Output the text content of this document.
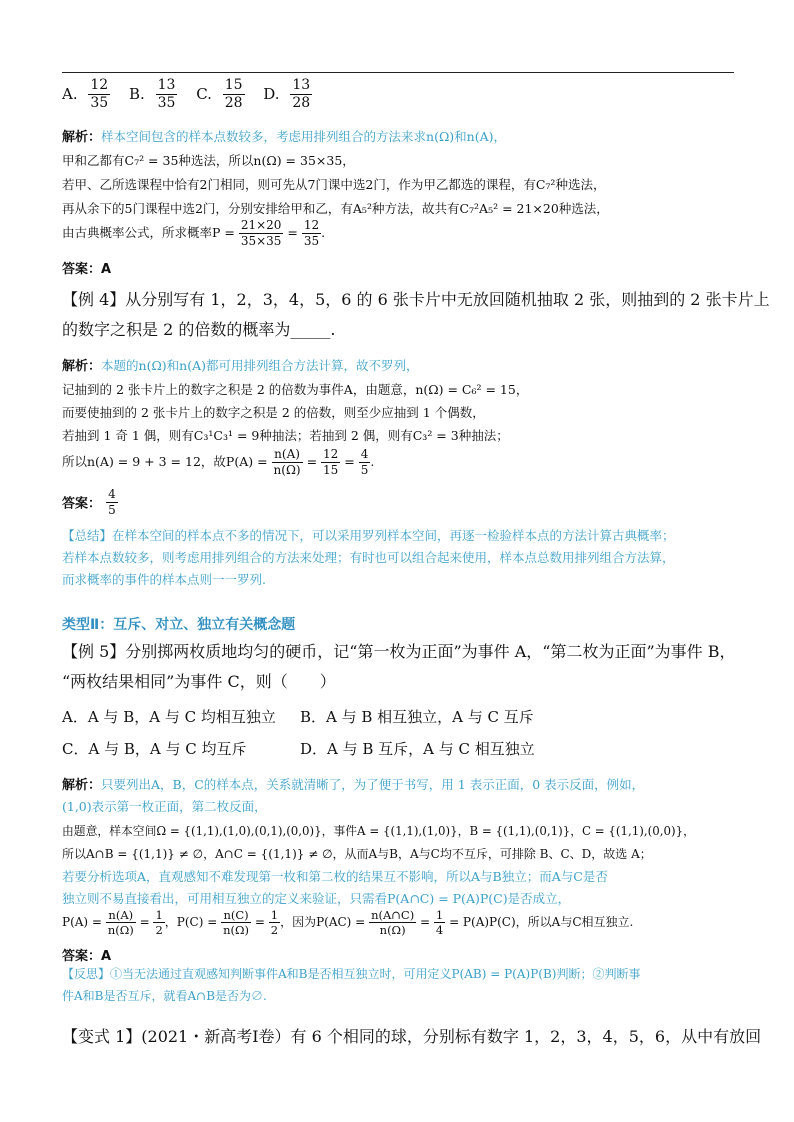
A. $\frac{12}{35} B$. $\frac{13}{35} C$. $\frac{15}{28} D$. $\frac{13}{28}$
解析：样本空间包含的样本点数较多，考虑用排列组合的方法来求n(Ω)和n(A)，
甲和乙都有C₇² = 35种选法，所以n(Ω) = 35×35，
若甲、乙所选课程中恰有2门相同，则可先从7门课中选2门，作为甲乙都选的课程，有C₇²种选法，
再从余下的5门课程中选2门，分别安排给甲和乙，有A₅²种方法，故共有C₇²A₅² = 21×20种选法，
由古典概率公式，所求概率$P = \frac{21\times 20}{35\times 35} = \frac{12}{35}$ .
答案：A
【例 4】从分别写有 1，2，3，4，5，6 的 6 张卡片中无放回随机抽取 2 张，则抽到的 2 张卡片上
的数字之积是 2 的倍数的概率为_____.
解析：本题的n(Ω)和n(A)都可用排列组合方法计算，故不罗列，
记抽到的 2 张卡片上的数字之积是 2 的倍数为事件A，由题意，n(Ω) = C₆² = 15，
而要使抽到的 2 张卡片上的数字之积是 2 的倍数，则至少应抽到 1 个偶数，
若抽到 1 奇 1 偶，则有C₃¹C₃¹ = 9种抽法；若抽到 2 偶，则有C₃² = 3种抽法；
所以n(A) = 9 + 3 = 12，故$P(A) = \frac{n(A)}{n(\Omega)} = \frac{12}{15} = \frac{4}{5}$ .
答案： $\frac{4}{5}$
【总结】在样本空间的样本点不多的情况下，可以采用罗列样本空间，再逐一检验样本点的方法计算古典概率；
若样本点数较多，则考虑用排列组合的方法来处理；有时也可以组合起来使用，样本点总数用排列组合方法算，
而求概率的事件的样本点则一一罗列.
类型Ⅱ：互斥、对立、独立有关概念题
【例 5】分别掷两枚质地均匀的硬币，记“第一枚为正面”为事件 A，“第二枚为正面”为事件 B，
“两枚结果相同”为事件 C，则（　　）
A．A 与 B，A 与 C 均相互独立 B．A 与 B 相互独立，A 与 C 互斥
C．A 与 B，A 与 C 均互斥	D．A 与 B 互斥，A 与 C 相互独立
解析：只要列出A，B，C的样本点，关系就清晰了，为了便于书写，用 1 表示正面，0 表示反面，例如，
(1,0)表示第一枚正面，第二枚反面，
由题意，样本空间Ω = {(1,1),(1,0),(0,1),(0,0)}，事件A = {(1,1),(1,0)}，B = {(1,1),(0,1)}，C = {(1,1),(0,0)}，
所以A∩B = {(1,1)} ≠ ∅，A∩C = {(1,1)} ≠ ∅，从而A与B，A与C均不互斥，可排除 B、C、D，故选 A；
若要分析选项A，直观感知不难发现第一枚和第二枚的结果互不影响，所以A与B独立；而A与C是否
独立则不易直接看出，可用相互独立的定义来验证，只需看P(A∩C) = P(A)P(C)是否成立，
$P(A) = \frac{n(A)}{n(\Omega)} = \frac{1}{2}$ ，$P(C) = \frac{n(C)}{n(\Omega)} = \frac{1}{2}$ ，因为$P(AC) = \frac{n(A\cap C)}{n(\Omega)} = \frac{1}{4} = P(A)P(C)$，所以A与C相互独立.
答案：A
【反思】①当无法通过直观感知判断事件A和B是否相互独立时，可用定义P(AB) = P(A)P(B)判断；②判断事
件A和B是否互斥，就看A∩B是否为∅.
【变式 1】(2021・新高考Ⅰ卷）有 6 个相同的球，分别标有数字 1，2，3，4，5，6，从中有放回
